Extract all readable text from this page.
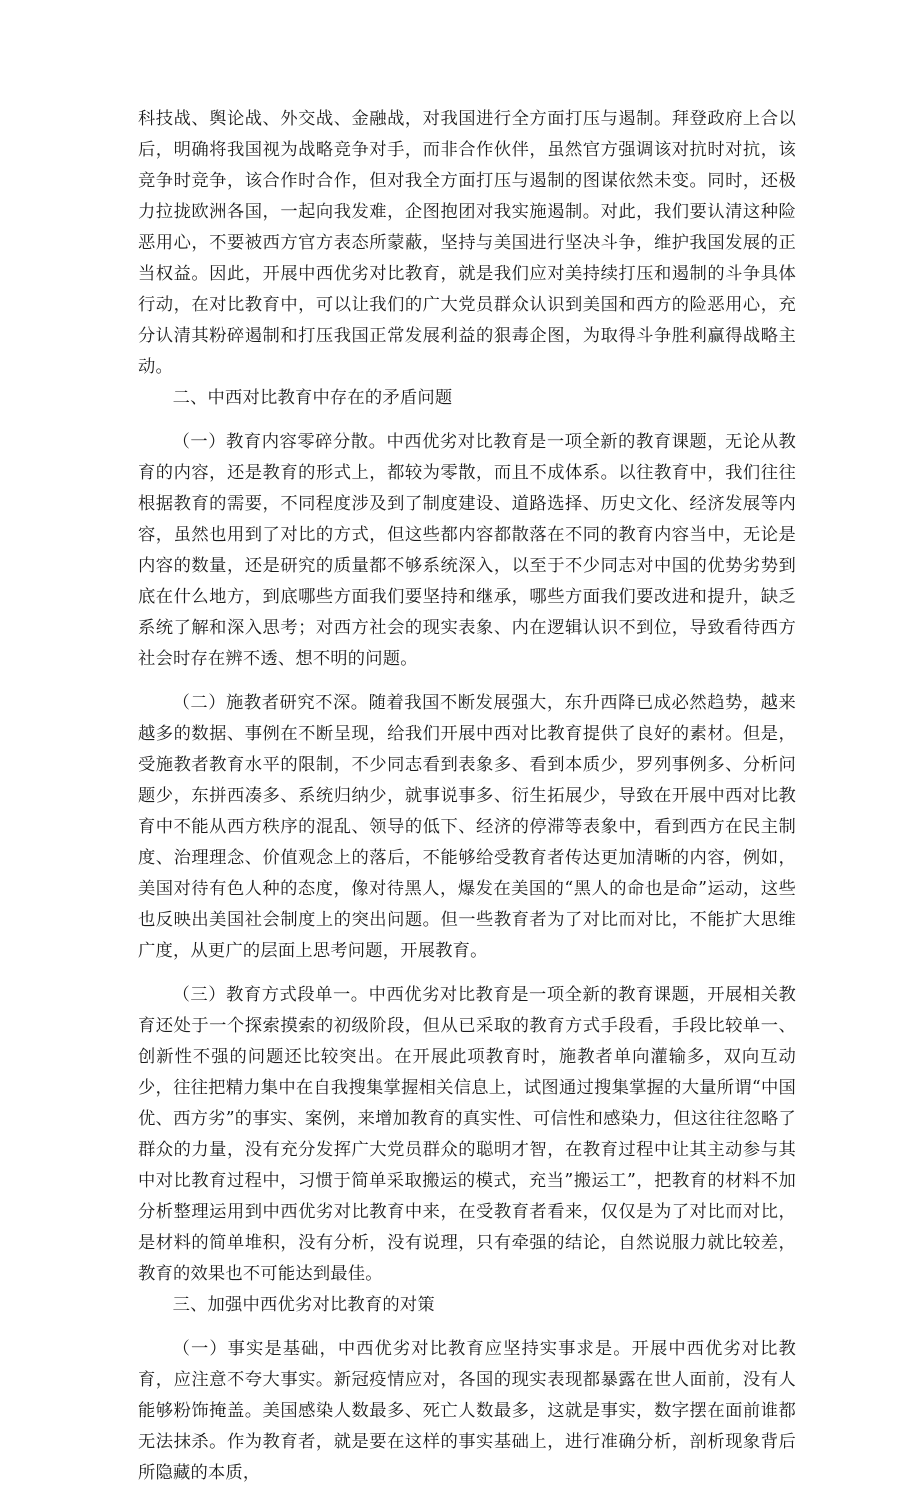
科技战、舆论战、外交战、金融战，对我国进行全方面打压与遏制。拜登政府上合以后，明确将我国视为战略竞争对手，而非合作伙伴，虽然官方强调该对抗时对抗，该竞争时竞争，该合作时合作，但对我全方面打压与遏制的图谋依然未变。同时，还极力拉拢欧洲各国，一起向我发难，企图抱团对我实施遏制。对此，我们要认清这种险恶用心，不要被西方官方表态所蒙蔽，坚持与美国进行坚决斗争，维护我国发展的正当权益。因此，开展中西优劣对比教育，就是我们应对美持续打压和遏制的斗争具体行动，在对比教育中，可以让我们的广大党员群众认识到美国和西方的险恶用心，充分认清其粉碎遏制和打压我国正常发展利益的狠毒企图，为取得斗争胜利赢得战略主动。

二、中西对比教育中存在的矛盾问题

（一）教育内容零碎分散。中西优劣对比教育是一项全新的教育课题，无论从教育的内容，还是教育的形式上，都较为零散，而且不成体系。以往教育中，我们往往根据教育的需要，不同程度涉及到了制度建设、道路选择、历史文化、经济发展等内容，虽然也用到了对比的方式，但这些都内容都散落在不同的教育内容当中，无论是内容的数量，还是研究的质量都不够系统深入，以至于不少同志对中国的优势劣势到底在什么地方，到底哪些方面我们要坚持和继承，哪些方面我们要改进和提升，缺乏系统了解和深入思考；对西方社会的现实表象、内在逻辑认识不到位，导致看待西方社会时存在辨不透、想不明的问题。

（二）施教者研究不深。随着我国不断发展强大，东升西降已成必然趋势，越来越多的数据、事例在不断呈现，给我们开展中西对比教育提供了良好的素材。但是，受施教者教育水平的限制，不少同志看到表象多、看到本质少，罗列事例多、分析问题少，东拼西凑多、系统归纳少，就事说事多、衍生拓展少，导致在开展中西对比教育中不能从西方秩序的混乱、领导的低下、经济的停滞等表象中，看到西方在民主制度、治理理念、价值观念上的落后，不能够给受教育者传达更加清晰的内容，例如，美国对待有色人种的态度，像对待黑人，爆发在美国的“黑人的命也是命”运动，这些也反映出美国社会制度上的突出问题。但一些教育者为了对比而对比，不能扩大思维广度，从更广的层面上思考问题，开展教育。

（三）教育方式段单一。中西优劣对比教育是一项全新的教育课题，开展相关教育还处于一个探索摸索的初级阶段，但从已采取的教育方式手段看，手段比较单一、创新性不强的问题还比较突出。在开展此项教育时，施教者单向灌输多，双向互动少，往往把精力集中在自我搜集掌握相关信息上，试图通过搜集掌握的大量所谓“中国优、西方劣”的事实、案例，来增加教育的真实性、可信性和感染力，但这往往忽略了群众的力量，没有充分发挥广大党员群众的聪明才智，在教育过程中让其主动参与其中对比教育过程中，习惯于简单采取搬运的模式，充当”搬运工”，把教育的材料不加分析整理运用到中西优劣对比教育中来，在受教育者看来，仅仅是为了对比而对比，是材料的简单堆积，没有分析，没有说理，只有牵强的结论，自然说服力就比较差，教育的效果也不可能达到最佳。

三、加强中西优劣对比教育的对策

（一）事实是基础，中西优劣对比教育应坚持实事求是。开展中西优劣对比教育，应注意不夸大事实。新冠疫情应对，各国的现实表现都暴露在世人面前，没有人能够粉饰掩盖。美国感染人数最多、死亡人数最多，这就是事实，数字摆在面前谁都无法抹杀。作为教育者，就是要在这样的事实基础上，进行准确分析，剖析现象背后所隐藏的本质，
